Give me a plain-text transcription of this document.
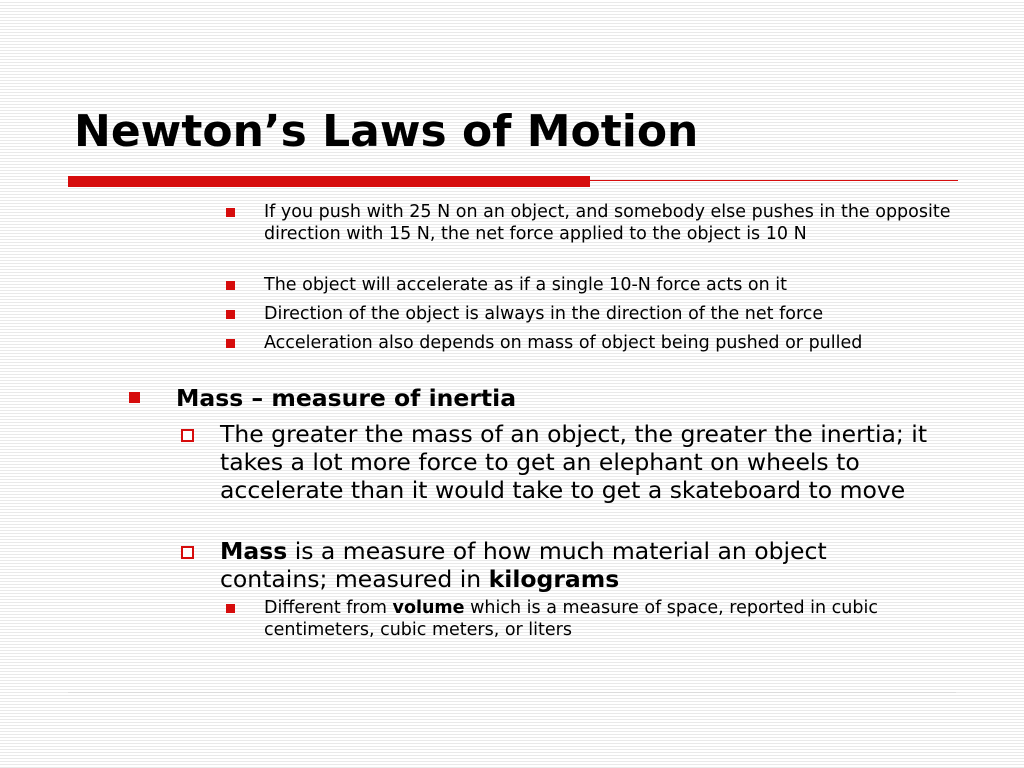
Newton’s Laws of Motion
If you push with 25 N on an object, and somebody else pushes in the opposite direction with 15 N, the net force applied to the object is 10 N
The object will accelerate as if a single 10-N force acts on it
Direction of the object is always in the direction of the net force
Acceleration also depends on mass of object being pushed or pulled
Mass – measure of inertia
The greater the mass of an object, the greater the inertia; it takes a lot more force to get an elephant on wheels to accelerate than it would take to get a skateboard to move
Mass is a measure of how much material an object contains; measured in kilograms
Different from volume which is a measure of space, reported in cubic centimeters, cubic meters, or liters
